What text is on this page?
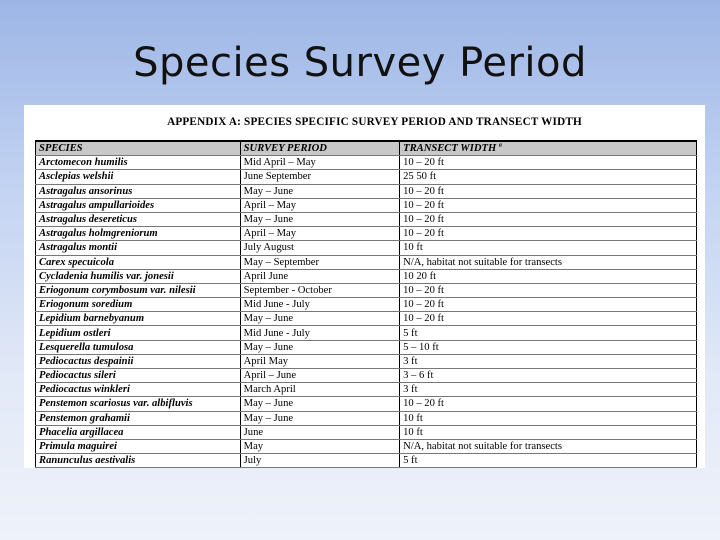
Species Survey Period
APPENDIX A: SPECIES SPECIFIC SURVEY PERIOD AND TRANSECT WIDTH
SPECIES	SURVEY PERIOD	TRANSECT WIDTH $^a$
Arctomecon humilis	Mid April – May	10 – 20 ft
Asclepias welshii	June September	25 50 ft
Astragalus ansorinus	May – June	10 – 20 ft
Astragalus ampullarioides	April – May	10 – 20 ft
Astragalus desereticus	May – June	10 – 20 ft
Astragalus holmgreniorum	April – May	10 – 20 ft
Astragalus montii	July August	10 ft
Carex specuicola	May – September	N/A, habitat not suitable for transects
Cycladenia humilis var. jonesii	April June	10 20 ft
Eriogonum corymbosum var. nilesii	September - October	10 – 20 ft
Eriogonum soredium	Mid June - July	10 – 20 ft
Lepidium barnebyanum	May – June	10 – 20 ft
Lepidium ostleri	Mid June - July	5 ft
Lesquerella tumulosa	May – June	5 – 10 ft
Pediocactus despainii	April May	3 ft
Pediocactus sileri	April – June	3 – 6 ft
Pediocactus winkleri	March April	3 ft
Penstemon scariosus var. albifluvis	May – June	10 – 20 ft
Penstemon grahamii	May – June	10 ft
Phacelia argillacea	June	10 ft
Primula maguirei	May	N/A, habitat not suitable for transects
Ranunculus aestivalis	July	5 ft
